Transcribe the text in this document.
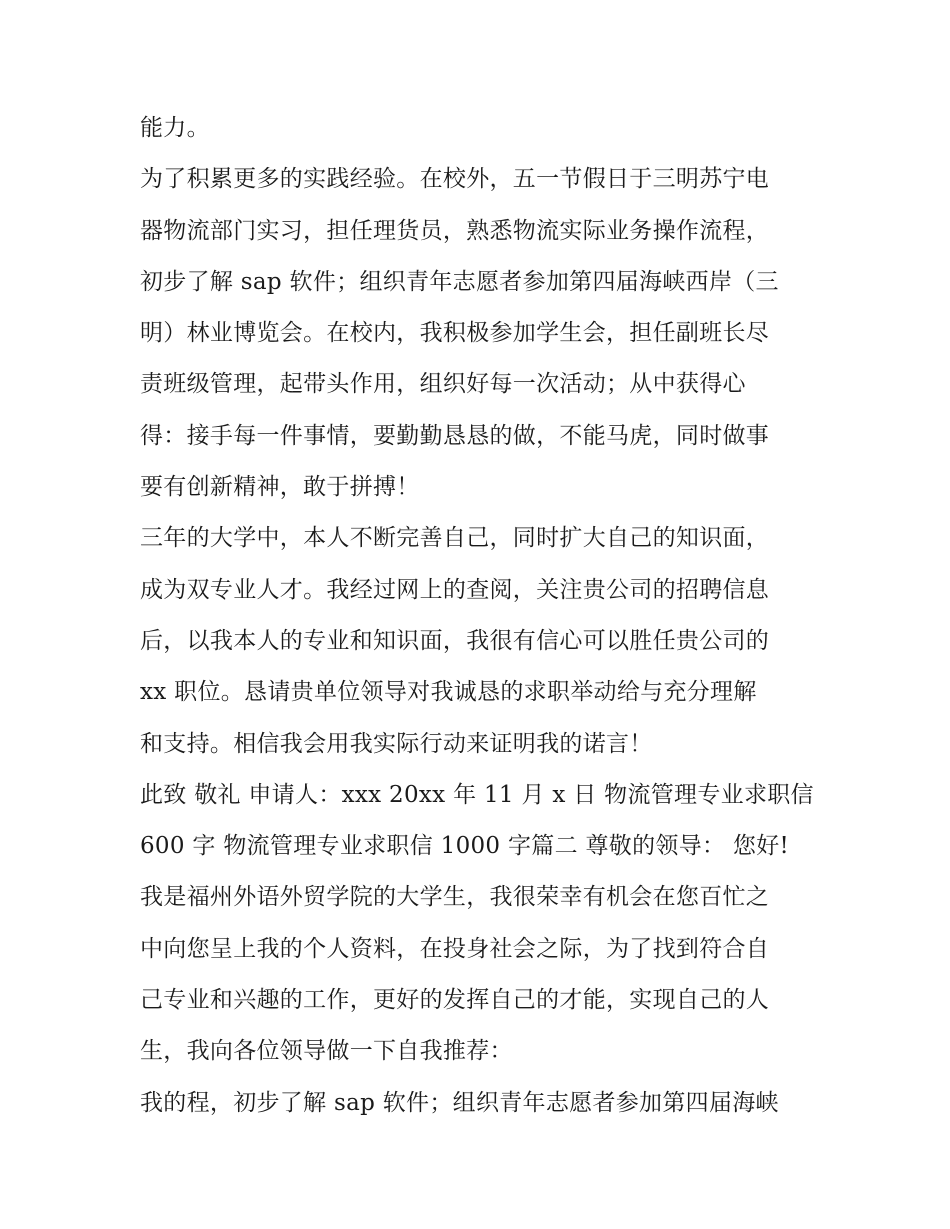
能力。
为了积累更多的实践经验。在校外，五一节假日于三明苏宁电
器物流部门实习，担任理货员，熟悉物流实际业务操作流程，
初步了解 sap 软件；组织青年志愿者参加第四届海峡西岸（三
明）林业博览会。在校内，我积极参加学生会，担任副班长尽
责班级管理，起带头作用，组织好每一次活动；从中获得心
得：接手每一件事情，要勤勤恳恳的做，不能马虎，同时做事
要有创新精神，敢于拼搏！
三年的大学中，本人不断完善自己，同时扩大自己的知识面，
成为双专业人才。我经过网上的查阅，关注贵公司的招聘信息
后，以我本人的专业和知识面，我很有信心可以胜任贵公司的
xx 职位。恳请贵单位领导对我诚恳的求职举动给与充分理解
和支持。相信我会用我实际行动来证明我的诺言！
此致 敬礼 申请人：xxx 20xx 年 11 月 x 日 物流管理专业求职信
600 字 物流管理专业求职信 1000 字篇二 尊敬的领导： 您好!
我是福州外语外贸学院的大学生，我很荣幸有机会在您百忙之
中向您呈上我的个人资料，在投身社会之际，为了找到符合自
己专业和兴趣的工作，更好的发挥自己的才能，实现自己的人
生，我向各位领导做一下自我推荐：
我的程，初步了解 sap 软件；组织青年志愿者参加第四届海峡
